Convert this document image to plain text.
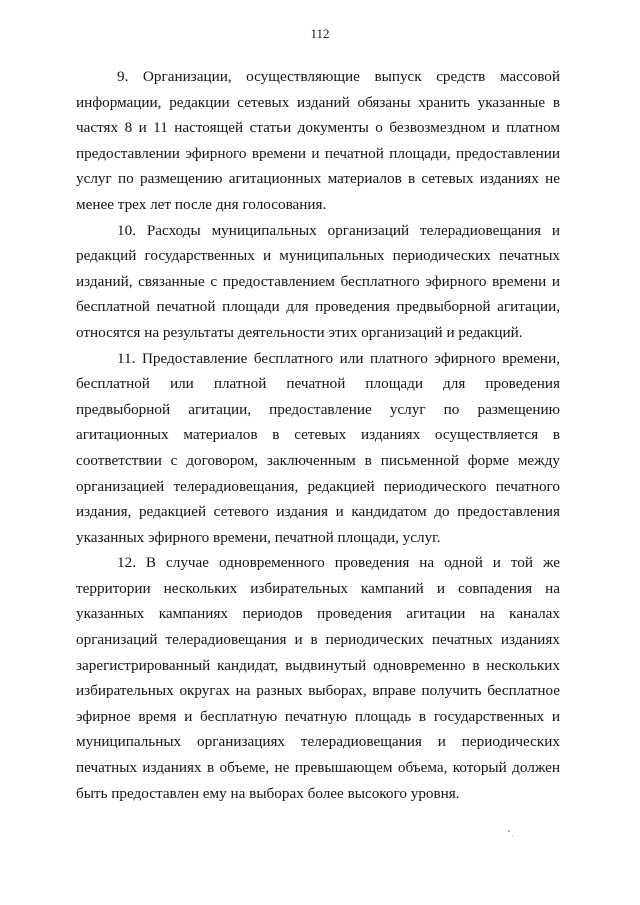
112

9. Организации, осуществляющие выпуск средств массовой информации, редакции сетевых изданий обязаны хранить указанные в частях 8 и 11 настоящей статьи документы о безвозмездном и платном предоставлении эфирного времени и печатной площади, предоставлении услуг по размещению агитационных материалов в сетевых изданиях не менее трех лет после дня голосования.

10. Расходы муниципальных организаций телерадиовещания и редакций государственных и муниципальных периодических печатных изданий, связанные с предоставлением бесплатного эфирного времени и бесплатной печатной площади для проведения предвыборной агитации, относятся на результаты деятельности этих организаций и редакций.

11. Предоставление бесплатного или платного эфирного времени, бесплатной или платной печатной площади для проведения предвыборной агитации, предоставление услуг по размещению агитационных материалов в сетевых изданиях осуществляется в соответствии с договором, заключенным в письменной форме между организацией телерадиовещания, редакцией периодического печатного издания, редакцией сетевого издания и кандидатом до предоставления указанных эфирного времени, печатной площади, услуг.

12. В случае одновременного проведения на одной и той же территории нескольких избирательных кампаний и совпадения на указанных кампаниях периодов проведения агитации на каналах организаций телерадиовещания и в периодических печатных изданиях зарегистрированный кандидат, выдвинутый одновременно в нескольких избирательных округах на разных выборах, вправе получить бесплатное эфирное время и бесплатную печатную площадь в государственных и муниципальных организациях телерадиовещания и периодических печатных изданиях в объеме, не превышающем объема, который должен быть предоставлен ему на выборах более высокого уровня.
